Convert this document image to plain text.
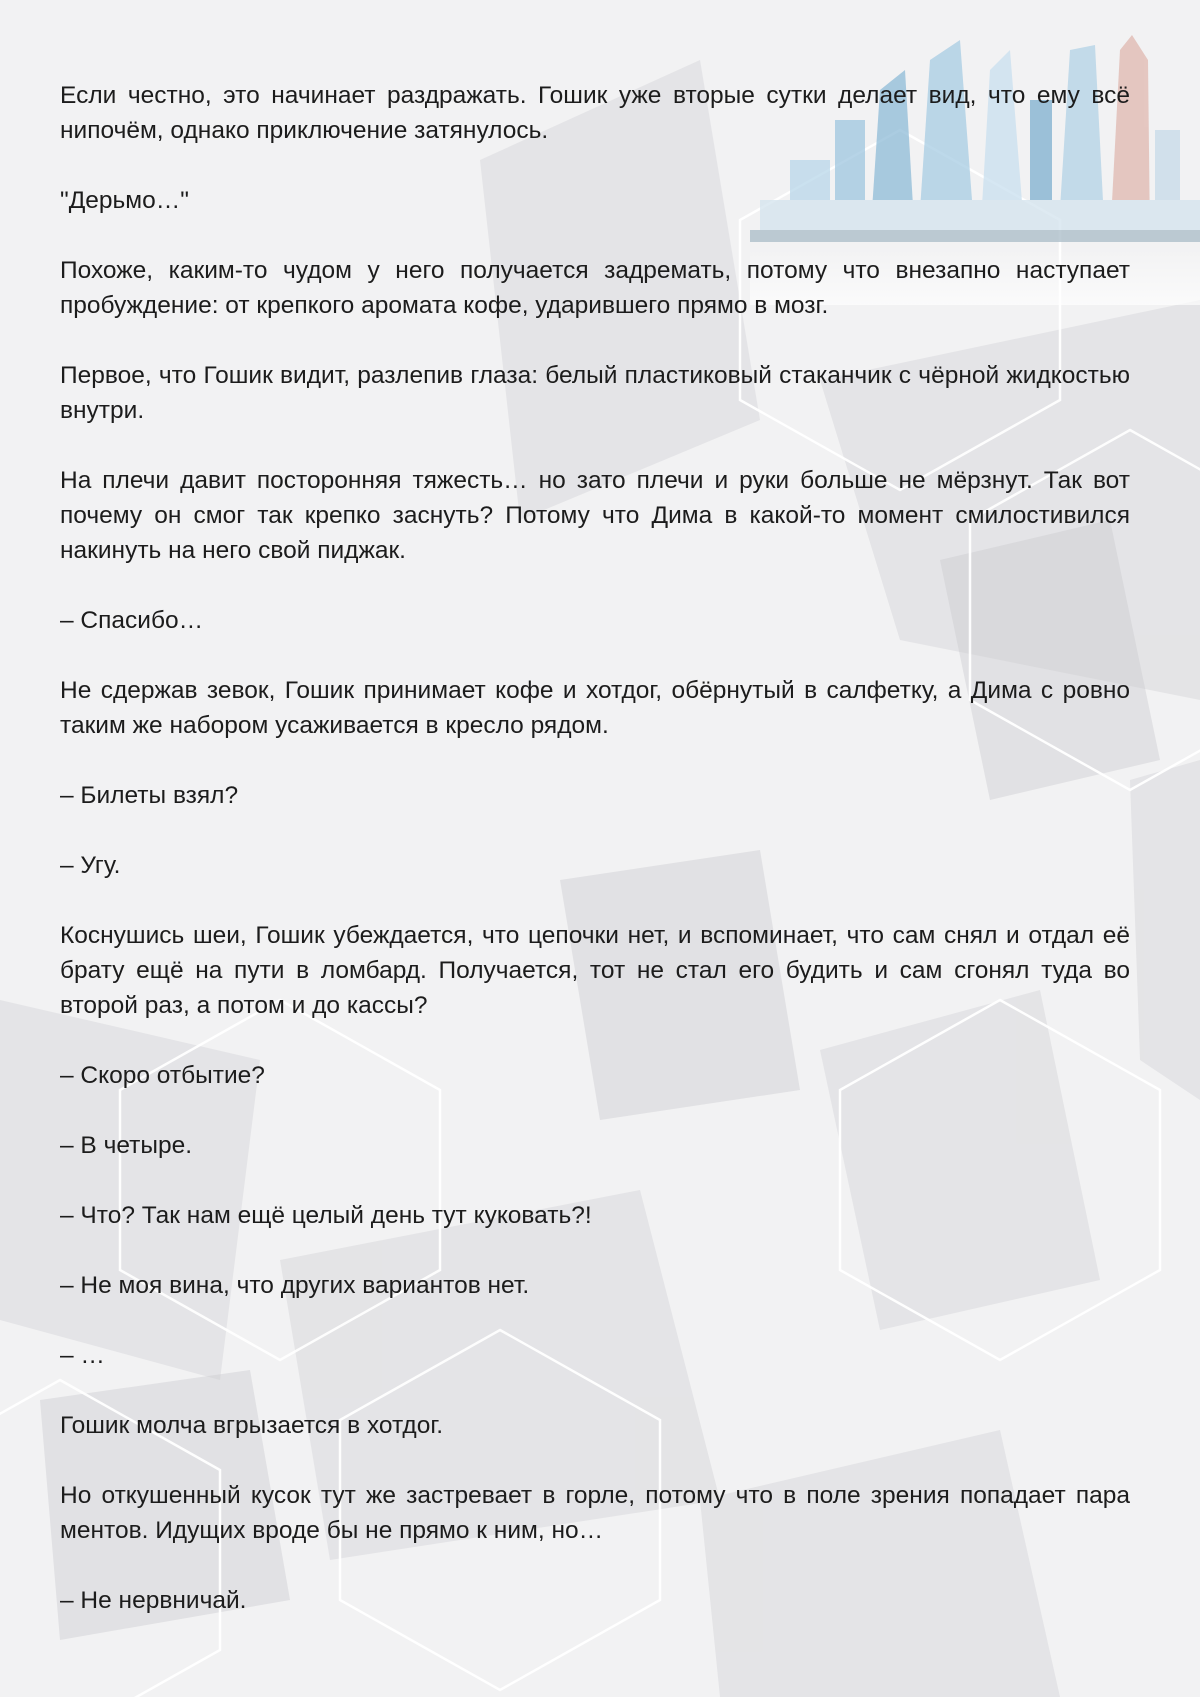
Если честно, это начинает раздражать. Гошик уже вторые сутки делает вид, что ему всё нипочём, однако приключение затянулось.

"Дерьмо…"

Похоже, каким-то чудом у него получается задремать, потому что внезапно наступает пробуждение: от крепкого аромата кофе, ударившего прямо в мозг.

Первое, что Гошик видит, разлепив глаза: белый пластиковый стаканчик с чёрной жидкостью внутри.

На плечи давит посторонняя тяжесть… но зато плечи и руки больше не мёрзнут. Так вот почему он смог так крепко заснуть? Потому что Дима в какой-то момент смилостивился накинуть на него свой пиджак.

– Спасибо…

Не сдержав зевок, Гошик принимает кофе и хотдог, обёрнутый в салфетку, а Дима с ровно таким же набором усаживается в кресло рядом.

– Билеты взял?

– Угу.

Коснушись шеи, Гошик убеждается, что цепочки нет, и вспоминает, что сам снял и отдал её брату ещё на пути в ломбард. Получается, тот не стал его будить и сам сгонял туда во второй раз, а потом и до кассы?

– Скоро отбытие?

– В четыре.

– Что? Так нам ещё целый день тут куковать?!

– Не моя вина, что других вариантов нет.

– …

Гошик молча вгрызается в хотдог.

Но откушенный кусок тут же застревает в горле, потому что в поле зрения попадает пара ментов. Идущих вроде бы не прямо к ним, но…

– Не нервничай.
